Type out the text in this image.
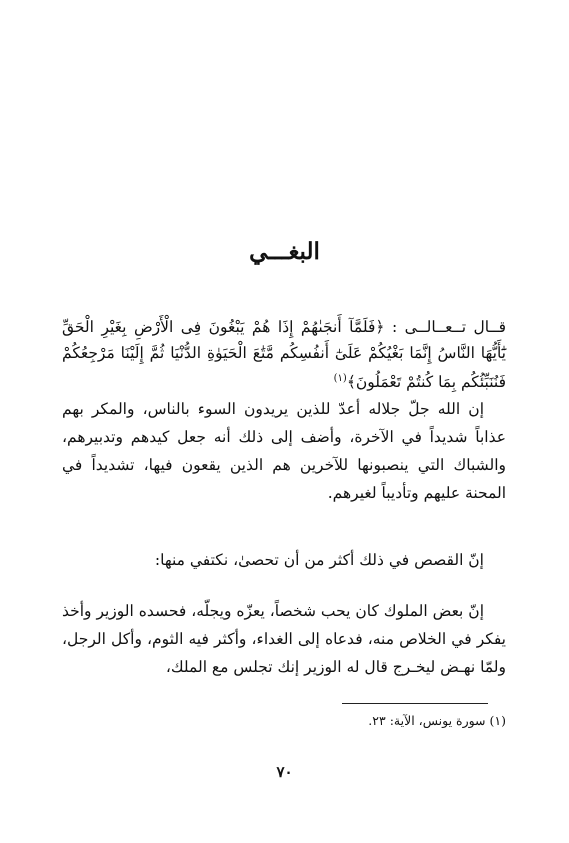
البغـــي
قــال تــعــالــى : ﴿فَلَمَّآ أَنجَىٰهُمْ إِذَا هُمْ يَبْغُونَ فِى الْأَرْضِ بِغَيْرِ الْحَقِّ يَٰٓأَيُّهَا النَّاسُ إِنَّمَا بَغْيُكُمْ عَلَىٰٓ أَنفُسِكُم مَّتَٰعَ الْحَيَوٰةِ الدُّنْيَا ثُمَّ إِلَيْنَا مَرْجِعُكُمْ فَنُنَبِّئُكُم بِمَا كُنتُمْ تَعْمَلُونَ﴾$^{(١)}$
إن الله جلّ جلاله أعدّ للذين يريدون السوء بالناس، والمكر بهم عذاباً شديداً في الآخرة، وأضف إلى ذلك أنه جعل كيدهم وتدبيرهم، والشباك التي ينصبونها للآخرين هم الذين يقعون فيها، تشديداً في المحنة عليهم وتأديباً لغيرهم.
إنّ القصص في ذلك أكثر من أن تحصىٰ، نكتفي منها:
إنّ بعض الملوك كان يحب شخصاً، يعزّه ويجلّه، فحسده الوزير وأخذ يفكر في الخلاص منه، فدعاه إلى الغداء، وأكثر فيه الثوم، وأكل الرجل، ولمّا نهـض ليخـرج قال له الوزير إنك تجلس مع الملك،
(١) سورة يونس، الآية: ٢٣.
٧٠
